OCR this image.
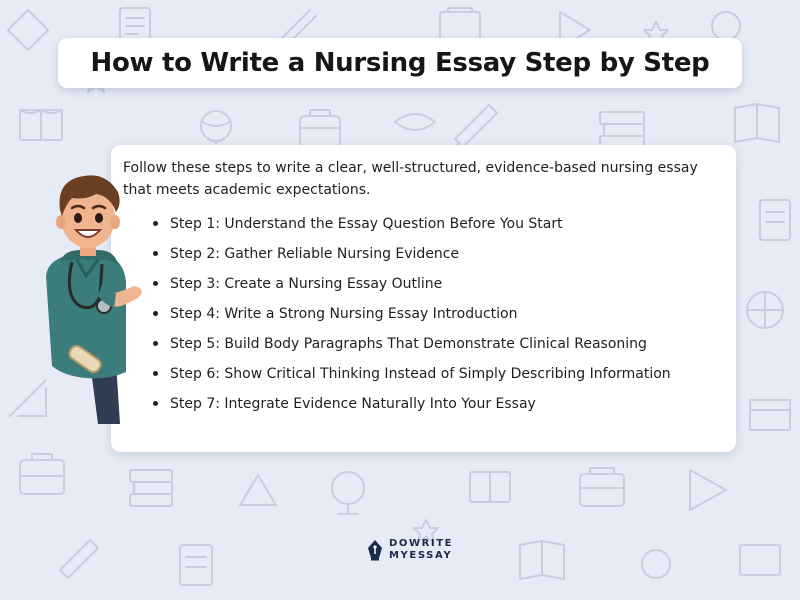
How to Write a Nursing Essay Step by Step

Follow these steps to write a clear, well-structured, evidence-based nursing essay that meets academic expectations.

Step 1: Understand the Essay Question Before You Start
Step 2: Gather Reliable Nursing Evidence
Step 3: Create a Nursing Essay Outline
Step 4: Write a Strong Nursing Essay Introduction
Step 5: Build Body Paragraphs That Demonstrate Clinical Reasoning
Step 6: Show Critical Thinking Instead of Simply Describing Information
Step 7: Integrate Evidence Naturally Into Your Essay
DOWRITE
MYESSAY
